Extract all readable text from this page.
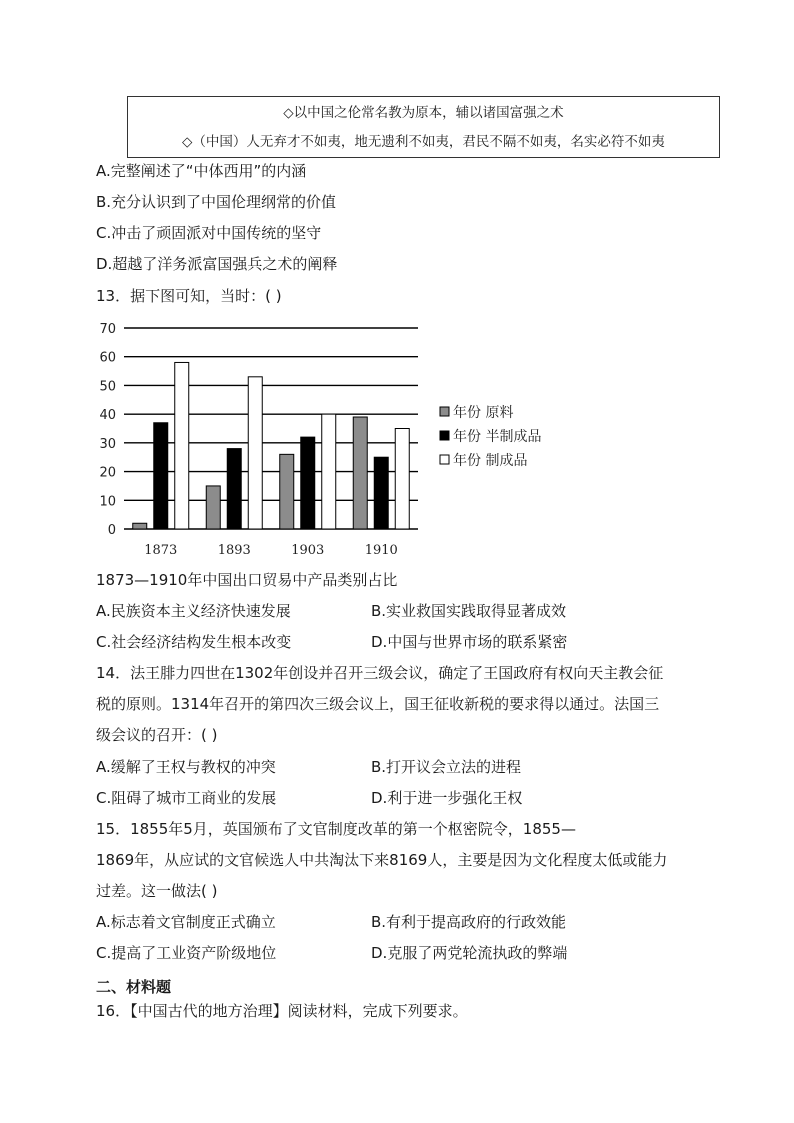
◇以中国之伦常名教为原本，辅以诸国富强之术
◇（中国）人无弃才不如夷，地无遗利不如夷，君民不隔不如夷，名实必符不如夷
A.完整阐述了“中体西用”的内涵
B.充分认识到了中国伦理纲常的价值
C.冲击了顽固派对中国传统的坚守
D.超越了洋务派富国强兵之术的阐释
13．据下图可知，当时：( )
0
10
20
30
40
50
60
70
1873	1893	1903	1910
年份 原料
年份 半制成品
年份 制成品
1873—1910年中国出口贸易中产品类别占比
A.民族资本主义经济快速发展	B.实业救国实践取得显著成效
C.社会经济结构发生根本改变	D.中国与世界市场的联系紧密
14．法王腓力四世在1302年创设并召开三级会议，确定了王国政府有权向天主教会征
税的原则。1314年召开的第四次三级会议上，国王征收新税的要求得以通过。法国三
级会议的召开：( )
A.缓解了王权与教权的冲突	B.打开议会立法的进程
C.阻碍了城市工商业的发展	D.利于进一步强化王权
15．1855年5月，英国颁布了文官制度改革的第一个枢密院令，1855—
1869年，从应试的文官候选人中共淘汰下来8169人，主要是因为文化程度太低或能力
过差。这一做法( )
A.标志着文官制度正式确立	B.有利于提高政府的行政效能
C.提高了工业资产阶级地位	D.克服了两党轮流执政的弊端
二、材料题
16．【中国古代的地方治理】阅读材料，完成下列要求。
